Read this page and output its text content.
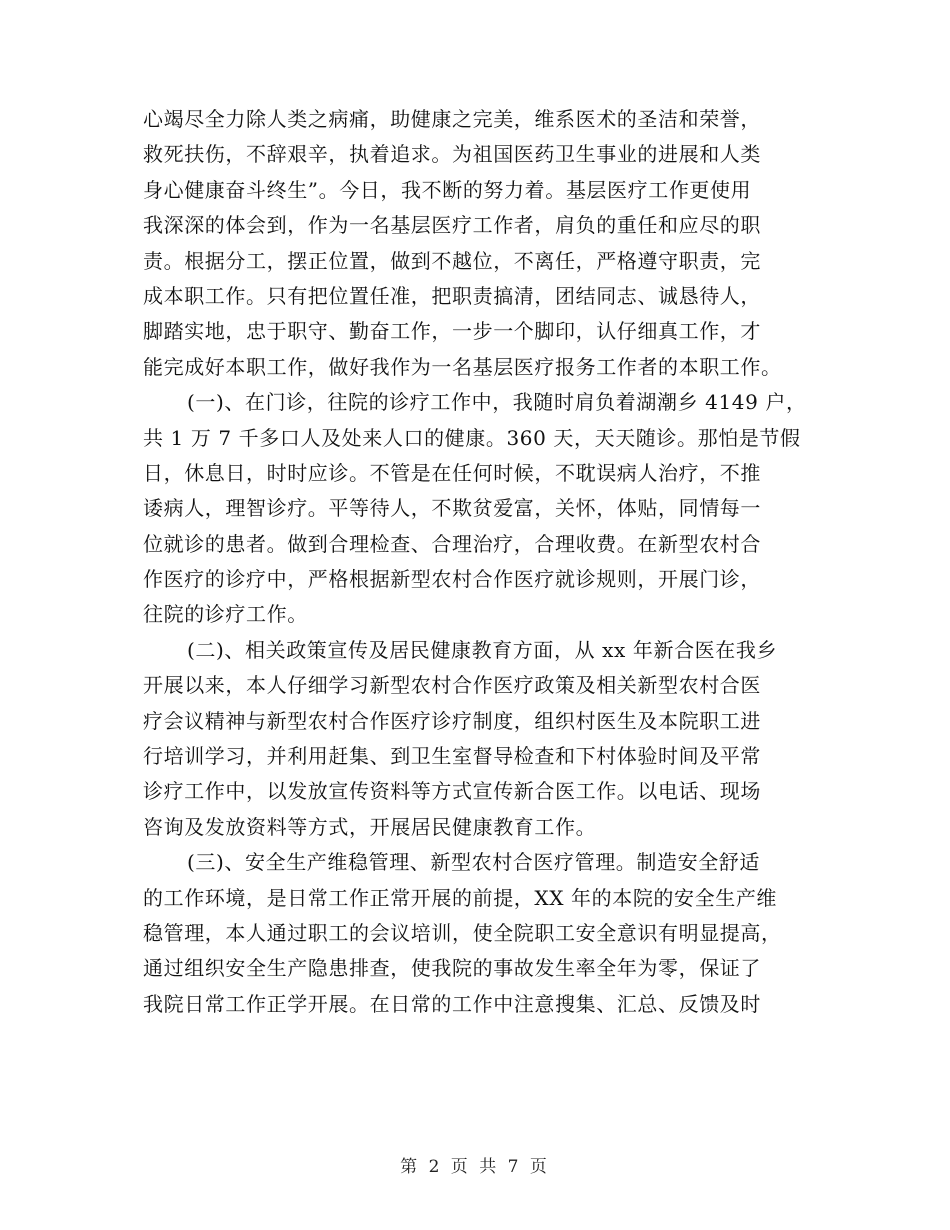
心竭尽全力除人类之病痛，助健康之完美，维系医术的圣洁和荣誉，
救死扶伤，不辞艰辛，执着追求。为祖国医药卫生事业的进展和人类
身心健康奋斗终生”。今日，我不断的努力着。基层医疗工作更使用
我深深的体会到，作为一名基层医疗工作者，肩负的重任和应尽的职
责。根据分工，摆正位置，做到不越位，不离任，严格遵守职责，完
成本职工作。只有把位置任准，把职责搞清，团结同志、诚恳待人，
脚踏实地，忠于职守、勤奋工作，一步一个脚印，认仔细真工作，才
能完成好本职工作，做好我作为一名基层医疗报务工作者的本职工作。
(一)、在门诊，往院的诊疗工作中，我随时肩负着湖潮乡 4149 户，
共 1 万 7 千多口人及处来人口的健康。360 天，天天随诊。那怕是节假
日，休息日，时时应诊。不管是在任何时候，不耽误病人治疗，不推
诿病人，理智诊疗。平等待人，不欺贫爱富，关怀，体贴，同情每一
位就诊的患者。做到合理检查、合理治疗，合理收费。在新型农村合
作医疗的诊疗中，严格根据新型农村合作医疗就诊规则，开展门诊，
往院的诊疗工作。
(二)、相关政策宣传及居民健康教育方面，从 xx 年新合医在我乡
开展以来，本人仔细学习新型农村合作医疗政策及相关新型农村合医
疗会议精神与新型农村合作医疗诊疗制度，组织村医生及本院职工进
行培训学习，并利用赶集、到卫生室督导检查和下村体验时间及平常
诊疗工作中，以发放宣传资料等方式宣传新合医工作。以电话、现场
咨询及发放资料等方式，开展居民健康教育工作。
(三)、安全生产维稳管理、新型农村合医疗管理。制造安全舒适
的工作环境，是日常工作正常开展的前提，XX 年的本院的安全生产维
稳管理，本人通过职工的会议培训，使全院职工安全意识有明显提高，
通过组织安全生产隐患排查，使我院的事故发生率全年为零，保证了
我院日常工作正学开展。在日常的工作中注意搜集、汇总、反馈及时
第 2 页 共 7 页
